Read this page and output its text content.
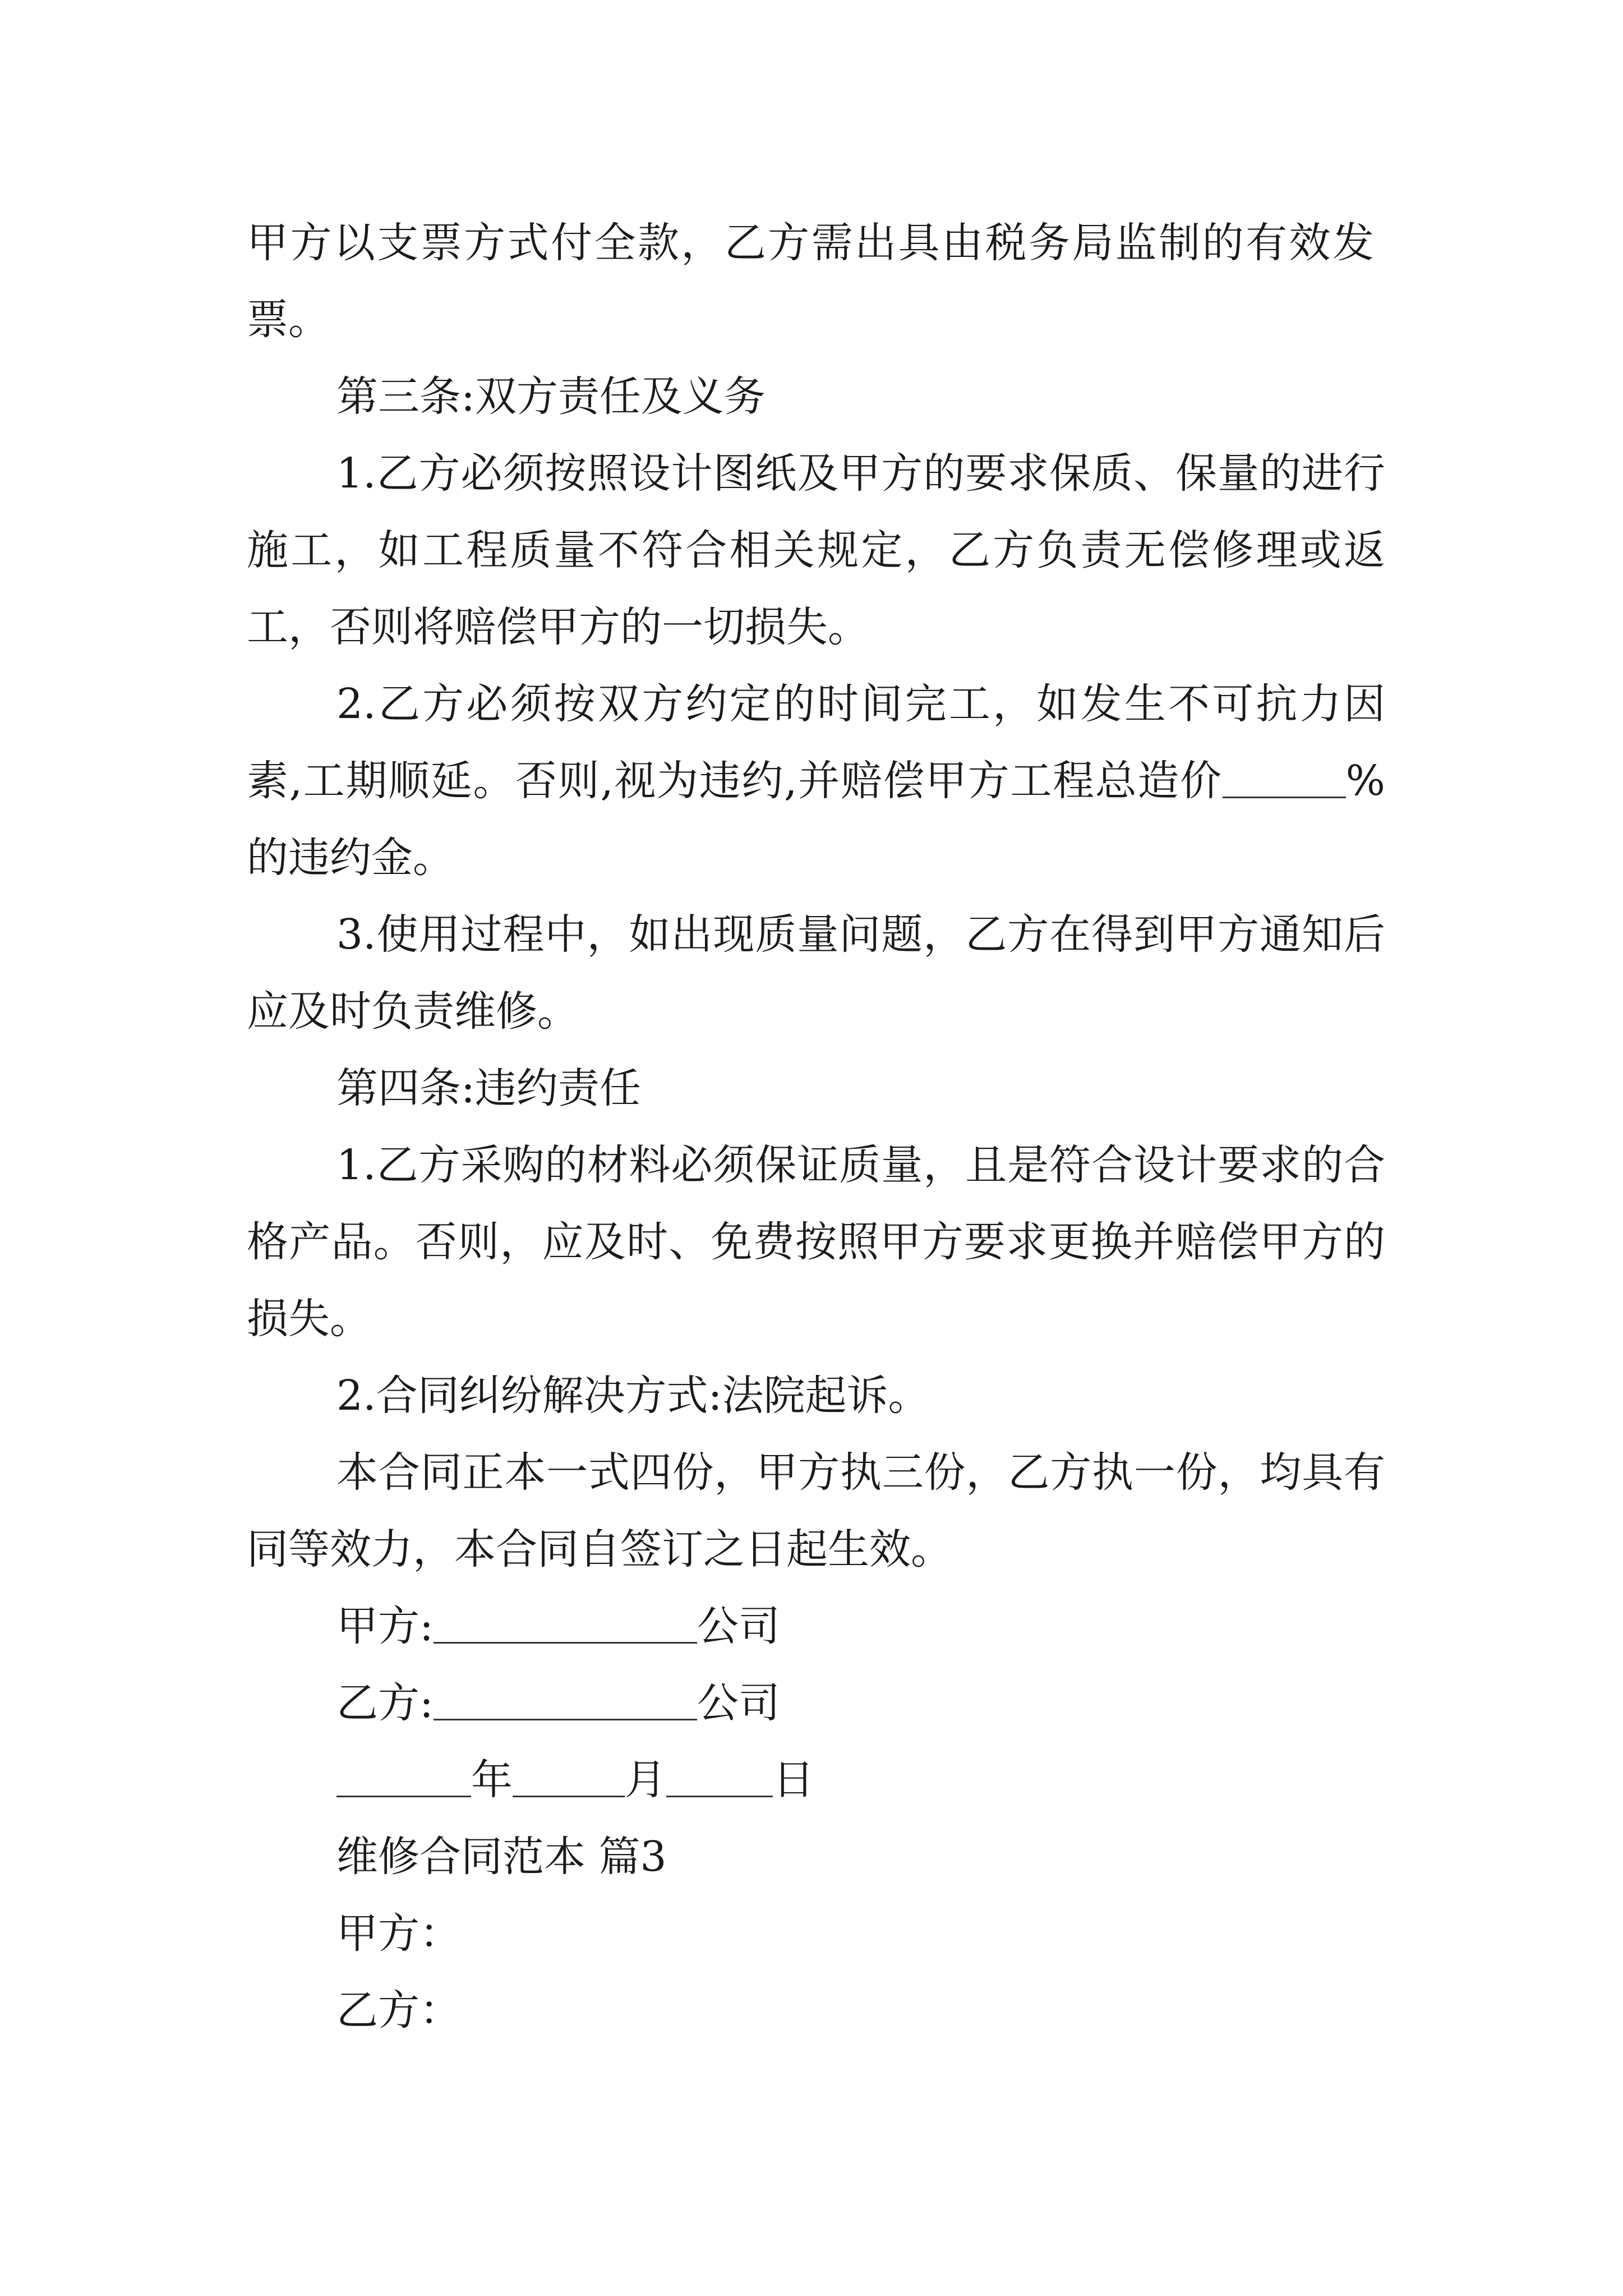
甲方以支票方式付全款，乙方需出具由税务局监制的有效发票。

第三条:双方责任及义务

1.乙方必须按照设计图纸及甲方的要求保质、保量的进行施工，如工程质量不符合相关规定，乙方负责无偿修理或返工，否则将赔偿甲方的一切损失。

2.乙方必须按双方约定的时间完工，如发生不可抗力因素,工期顺延。否则,视为违约,并赔偿甲方工程总造价	%的违约金。

3.使用过程中，如出现质量问题，乙方在得到甲方通知后应及时负责维修。

第四条:违约责任

1.乙方采购的材料必须保证质量，且是符合设计要求的合格产品。否则，应及时、免费按照甲方要求更换并赔偿甲方的损失。

2.合同纠纷解决方式:法院起诉。

本合同正本一式四份，甲方执三份，乙方执一份，均具有同等效力，本合同自签订之日起生效。

甲方:	公司

乙方:	公司

年	月	日

维修合同范本 篇3

甲方：

乙方：
